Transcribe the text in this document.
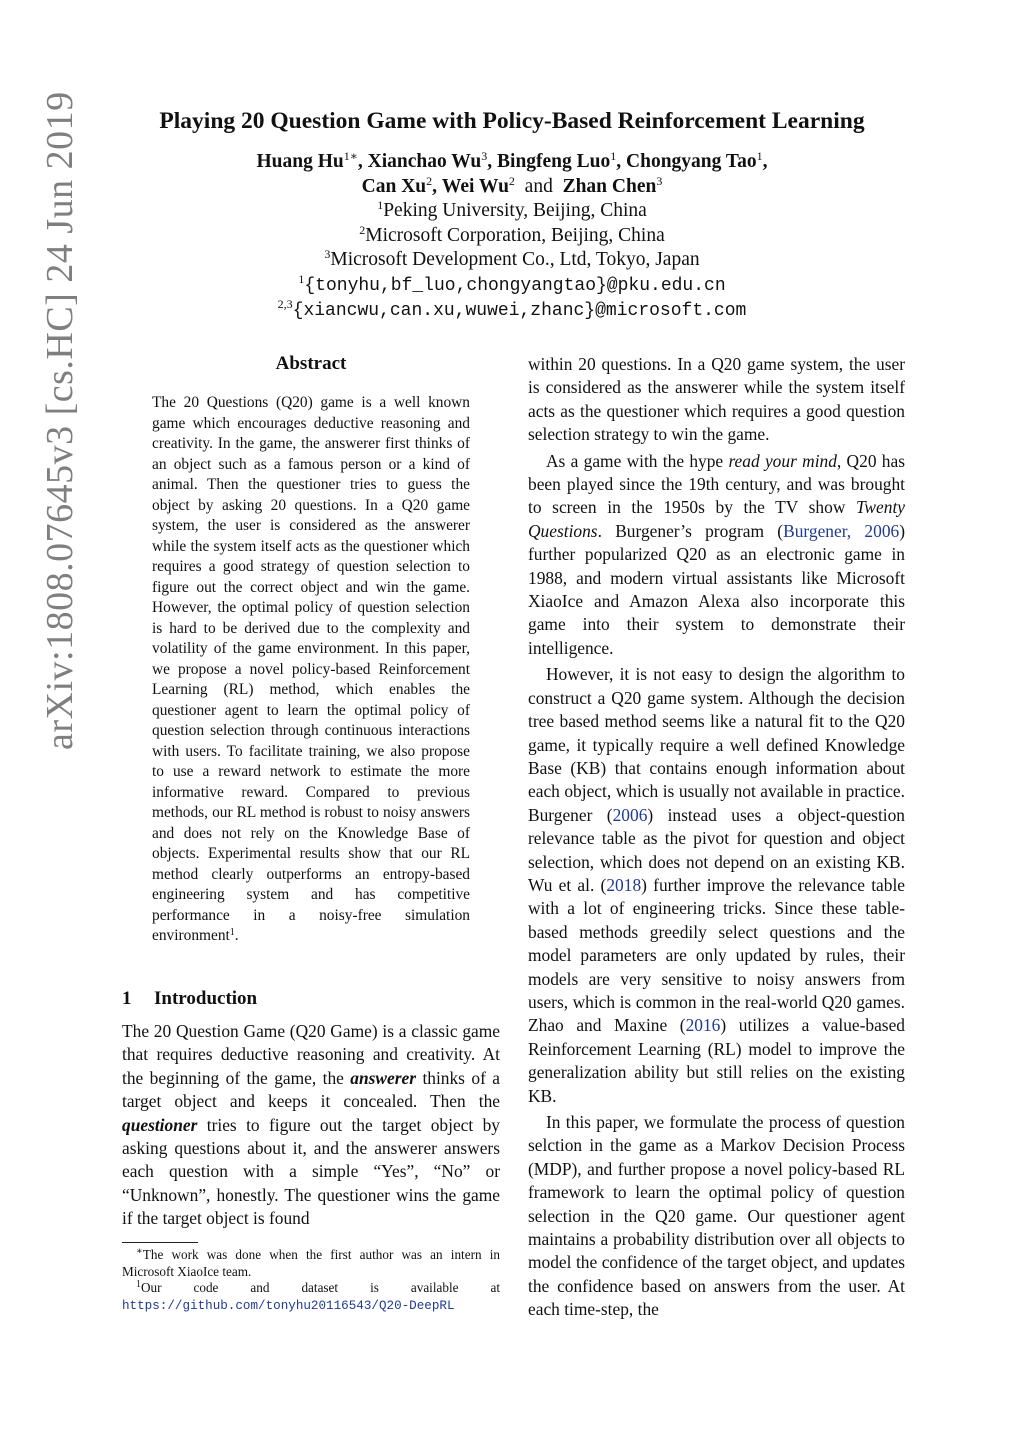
arXiv:1808.07645v3 [cs.HC] 24 Jun 2019	Playing 20 Question Game with Policy-Based Reinforcement Learning
Huang $Hu^{1∗}$, Xianchao Wu$^3$, Bingfeng Luo$^1$, Chongyang Tao$^1$,
Can Xu$^2$, Wei Wu$^2$ and Zhan Chen$^3$
$^1$Peking University, Beijing, China
$^2$Microsoft Corporation, Beijing, China
$^3$Microsoft Development Co., Ltd, Tokyo, Japan
$^1${tonyhu,bf_luo,chongyangtao}@pku.edu.cn
$^{2,3}${xiancwu,can.xu,wuwei,zhanc}@microsoft.com
Abstract
The 20 Questions (Q20) game is a well known game which encourages deductive reasoning and creativity. In the game, the answerer first thinks of an object such as a famous person or a kind of animal. Then the questioner tries to guess the object by asking 20 questions. In a Q20 game system, the user is considered as the answerer while the system itself acts as the questioner which requires a good strategy of question selection to figure out the correct object and win the game. However, the optimal policy of question selection is hard to be derived due to the complexity and volatility of the game environment. In this paper, we propose a novel policy-based Reinforcement Learning (RL) method, which enables the questioner agent to learn the optimal policy of question selection through continuous interactions with users. To facilitate training, we also propose to use a reward network to estimate the more informative reward. Compared to previous methods, our RL method is robust to noisy answers and does not rely on the Knowledge Base of objects. Experimental results show that our RL method clearly outperforms an entropy-based engineering system and has competitive performance in a noisy-free simulation environment$^1$.
1 Introduction

The 20 Question Game (Q20 Game) is a classic game that requires deductive reasoning and creativity. At the beginning of the game, the answerer thinks of a target object and keeps it concealed. Then the questioner tries to figure out the target object by asking questions about it, and the answerer answers each question with a simple “Yes”, “No” or “Unknown”, honestly. The questioner wins the game if the target object is found

∗The work was done when the first author was an intern in Microsoft XiaoIce team.

$^1$Our code and dataset is available at https://github.com/tonyhu20116543/Q20-DeepRL

within 20 questions. In a Q20 game system, the user is considered as the answerer while the system itself acts as the questioner which requires a good question selection strategy to win the game.

As a game with the hype read your mind, Q20 has been played since the 19th century, and was brought to screen in the 1950s by the TV show Twenty Questions. Burgener’s program (Burgener, 2006) further popularized Q20 as an electronic game in 1988, and modern virtual assistants like Microsoft XiaoIce and Amazon Alexa also incorporate this game into their system to demonstrate their intelligence.

However, it is not easy to design the algorithm to construct a Q20 game system. Although the decision tree based method seems like a natural fit to the Q20 game, it typically require a well defined Knowledge Base (KB) that contains enough information about each object, which is usually not available in practice. Burgener (2006) instead uses a object-question relevance table as the pivot for question and object selection, which does not depend on an existing KB. Wu et al. (2018) further improve the relevance table with a lot of engineering tricks. Since these table-based methods greedily select questions and the model parameters are only updated by rules, their models are very sensitive to noisy answers from users, which is common in the real-world Q20 games. Zhao and Maxine (2016) utilizes a value-based Reinforcement Learning (RL) model to improve the generalization ability but still relies on the existing KB.

In this paper, we formulate the process of question selction in the game as a Markov Decision Process (MDP), and further propose a novel policy-based RL framework to learn the optimal policy of question selection in the Q20 game. Our questioner agent maintains a probability distribution over all objects to model the confidence of the target object, and updates the confidence based on answers from the user. At each time-step, the
